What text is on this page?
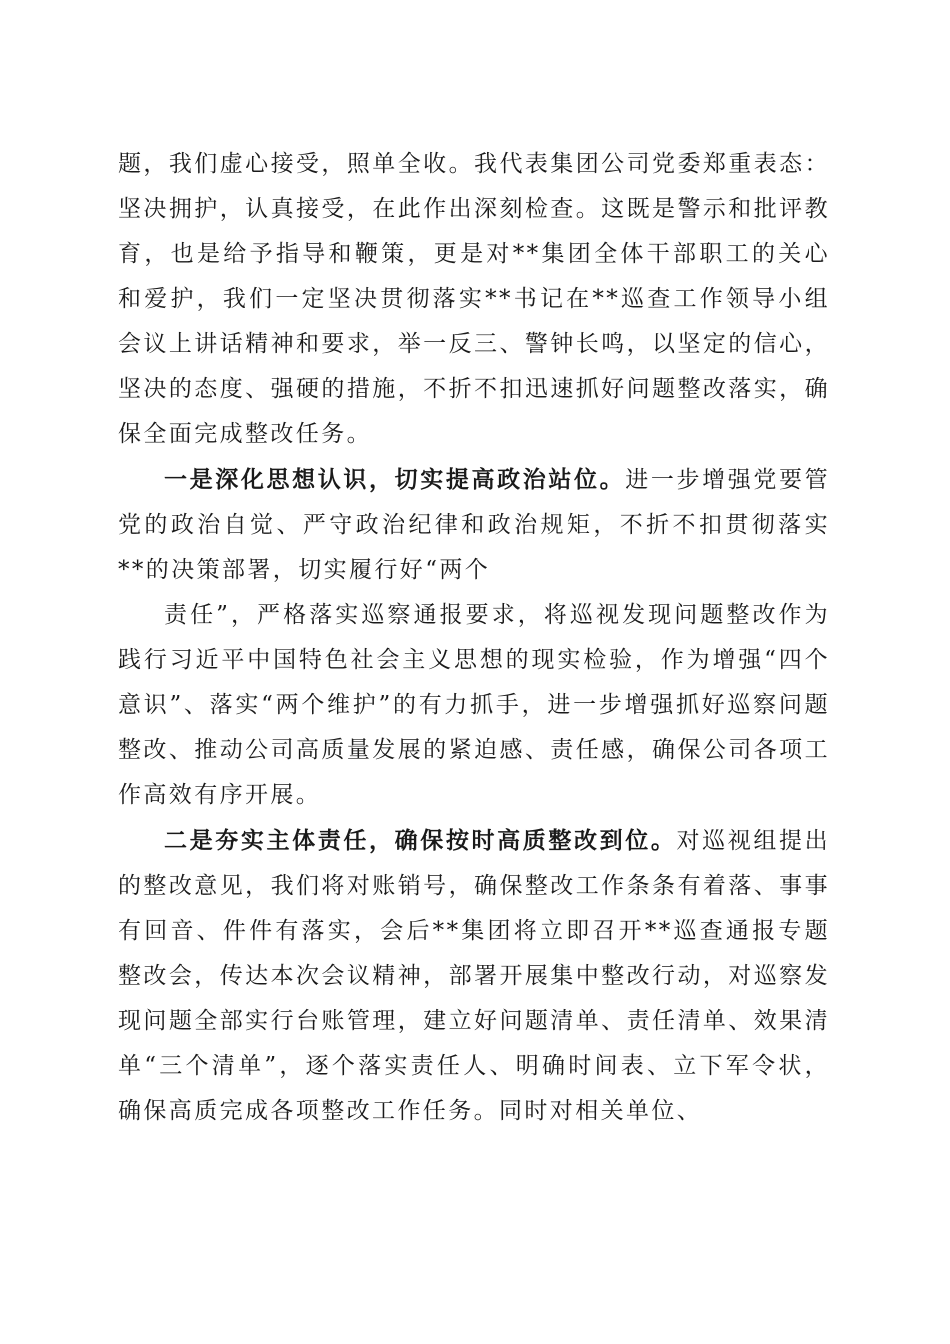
题，我们虚心接受，照单全收。我代表集团公司党委郑重表态：坚决拥护，认真接受，在此作出深刻检查。这既是警示和批评教育，也是给予指导和鞭策，更是对**集团全体干部职工的关心和爱护，我们一定坚决贯彻落实**书记在**巡查工作领导小组会议上讲话精神和要求，举一反三、警钟长鸣，以坚定的信心，坚决的态度、强硬的措施，不折不扣迅速抓好问题整改落实，确保全面完成整改任务。

一是深化思想认识，切实提高政治站位。进一步增强党要管党的政治自觉、严守政治纪律和政治规矩，不折不扣贯彻落实**的决策部署，切实履行好“两个

责任”，严格落实巡察通报要求，将巡视发现问题整改作为践行习近平中国特色社会主义思想的现实检验，作为增强“四个意识”、落实“两个维护”的有力抓手，进一步增强抓好巡察问题整改、推动公司高质量发展的紧迫感、责任感，确保公司各项工作高效有序开展。

二是夯实主体责任，确保按时高质整改到位。对巡视组提出的整改意见，我们将对账销号，确保整改工作条条有着落、事事有回音、件件有落实，会后**集团将立即召开**巡查通报专题整改会，传达本次会议精神，部署开展集中整改行动，对巡察发现问题全部实行台账管理，建立好问题清单、责任清单、效果清单“三个清单”，逐个落实责任人、明确时间表、立下军令状，确保高质完成各项整改工作任务。同时对相关单位、
